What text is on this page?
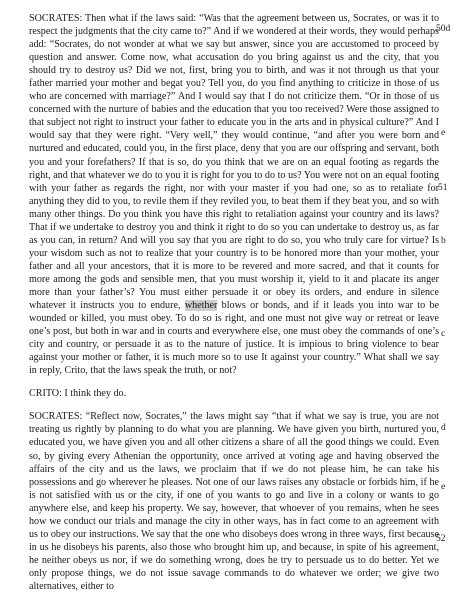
SOCRATES: Then what if the laws said: “Was that the agreement between us, Socrates, or was it to respect the judgments that the city came to?” And if we wondered at their words, they would perhaps add: “Socrates, do not wonder at what we say but answer, since you are accustomed to proceed by question and answer. Come now, what accusation do you bring against us and the city, that you should try to destroy us? Did we not, first, bring you to birth, and was it not through us that your father married your mother and begat you? Tell you, do you find anything to criticize in those of us who are concerned with marriage?” And I would say that I do not criticize them. “Or in those of us concerned with the nurture of babies and the education that you too received? Were those assigned to that subject not right to instruct your father to educate you in the arts and in physical culture?” And I would say that they were right. “Very well,” they would continue, “and after you were born and nurtured and educated, could you, in the first place, deny that you are our offspring and servant, both you and your forefathers? If that is so, do you think that we are on an equal footing as regards the right, and that whatever we do to you it is right for you to do to us? You were not on an equal footing with your father as regards the right, nor with your master if you had one, so as to retaliate for anything they did to you, to revile them if they reviled you, to beat them if they beat you, and so with many other things. Do you think you have this right to retaliation against your country and its laws? That if we undertake to destroy you and think it right to do so you can undertake to destroy us, as far as you can, in return? And will you say that you are right to do so, you who truly care for virtue? Is your wisdom such as not to realize that your country is to be honored more than your mother, your father and all your ancestors, that it is more to be revered and more sacred, and that it counts for more among the gods and sensible men, that you must worship it, yield to it and placate its anger more than your father’s? You must either persuade it or obey its orders, and endure in silence whatever it instructs you to endure, whether blows or bonds, and if it leads you into war to be wounded or killed, you must obey. To do so is right, and one must not give way or retreat or leave one’s post, but both in war and in courts and everywhere else, one must obey the commands of one’s city and country, or persuade it as to the nature of justice. It is impious to bring violence to bear against your mother or father, it is much more so to use It against your country.” What shall we say in reply, Crito, that the laws speak the truth, or not?

CRITO: I think they do.

SOCRATES: “Reflect now, Socrates,” the laws might say “that if what we say is true, you are not treating us rightly by planning to do what you are planning. We have given you birth, nurtured you, educated you, we have given you and all other citizens a share of all the good things we could. Even so, by giving every Athenian the opportunity, once arrived at voting age and having observed the affairs of the city and us the laws, we proclaim that if we do not please him, he can take his possessions and go wherever he pleases. Not one of our laws raises any obstacle or forbids him, if he is not satisfied with us or the city, if one of you wants to go and live in a colony or wants to go anywhere else, and keep his property. We say, however, that whoever of you remains, when he sees how we conduct our trials and manage the city in other ways, has in fact come to an agreement with us to obey our instructions. We say that the one who disobeys does wrong in three ways, first because in us he disobeys his parents, also those who brought him up, and because, in spite of his agreement, he neither obeys us nor, if we do something wrong, does he try to persuade us to do better. Yet we only propose things, we do not issue savage commands to do whatever we order; we give two alternatives, either to

50d
e
51
b
c
d
e
52
